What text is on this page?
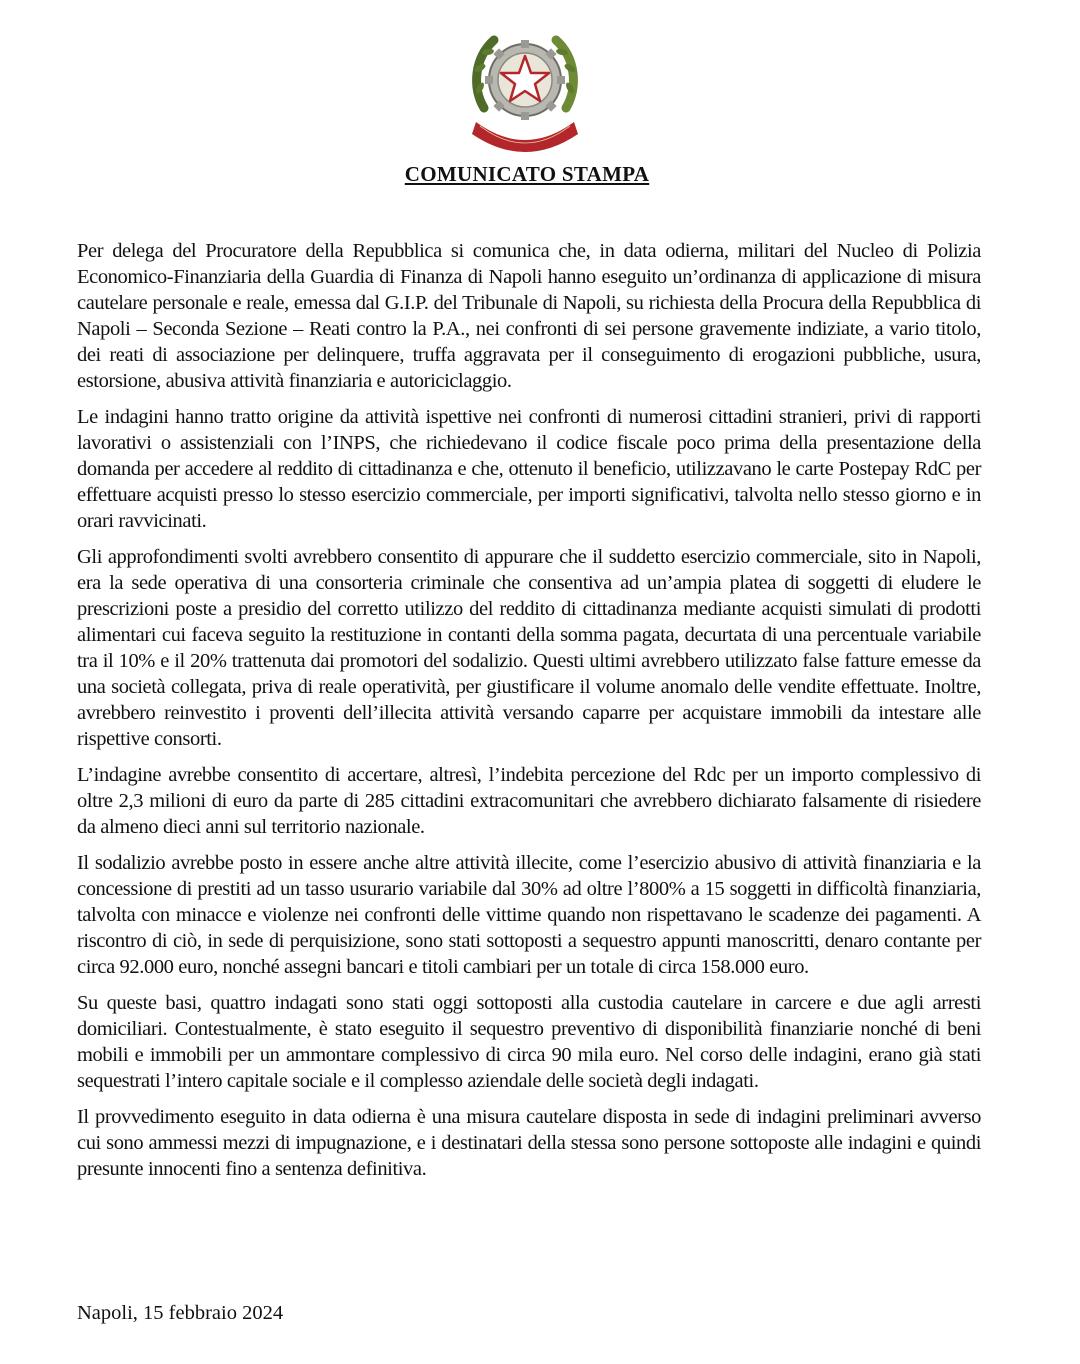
COMUNICATO STAMPA

Per delega del Procuratore della Repubblica si comunica che, in data odierna, militari del Nucleo di Polizia Economico-Finanziaria della Guardia di Finanza di Napoli hanno eseguito un’ordinanza di applicazione di misura cautelare personale e reale, emessa dal G.I.P. del Tribunale di Napoli, su richiesta della Procura della Repubblica di Napoli – Seconda Sezione – Reati contro la P.A., nei confronti di sei persone gravemente indiziate, a vario titolo, dei reati di associazione per delinquere, truffa aggravata per il conseguimento di erogazioni pubbliche, usura, estorsione, abusiva attività finanziaria e autoriciclaggio.

Le indagini hanno tratto origine da attività ispettive nei confronti di numerosi cittadini stranieri, privi di rapporti lavorativi o assistenziali con l’INPS, che richiedevano il codice fiscale poco prima della presentazione della domanda per accedere al reddito di cittadinanza e che, ottenuto il beneficio, utilizzavano le carte Postepay RdC per effettuare acquisti presso lo stesso esercizio commerciale, per importi significativi, talvolta nello stesso giorno e in orari ravvicinati.

Gli approfondimenti svolti avrebbero consentito di appurare che il suddetto esercizio commerciale, sito in Napoli, era la sede operativa di una consorteria criminale che consentiva ad un’ampia platea di soggetti di eludere le prescrizioni poste a presidio del corretto utilizzo del reddito di cittadinanza mediante acquisti simulati di prodotti alimentari cui faceva seguito la restituzione in contanti della somma pagata, decurtata di una percentuale variabile tra il 10% e il 20% trattenuta dai promotori del sodalizio. Questi ultimi avrebbero utilizzato false fatture emesse da una società collegata, priva di reale operatività, per giustificare il volume anomalo delle vendite effettuate. Inoltre, avrebbero reinvestito i proventi dell’illecita attività versando caparre per acquistare immobili da intestare alle rispettive consorti.

L’indagine avrebbe consentito di accertare, altresì, l’indebita percezione del Rdc per un importo complessivo di oltre 2,3 milioni di euro da parte di 285 cittadini extracomunitari che avrebbero dichiarato falsamente di risiedere da almeno dieci anni sul territorio nazionale.

Il sodalizio avrebbe posto in essere anche altre attività illecite, come l’esercizio abusivo di attività finanziaria e la concessione di prestiti ad un tasso usurario variabile dal 30% ad oltre l’800% a 15 soggetti in difficoltà finanziaria, talvolta con minacce e violenze nei confronti delle vittime quando non rispettavano le scadenze dei pagamenti. A riscontro di ciò, in sede di perquisizione, sono stati sottoposti a sequestro appunti manoscritti, denaro contante per circa 92.000 euro, nonché assegni bancari e titoli cambiari per un totale di circa 158.000 euro.

Su queste basi, quattro indagati sono stati oggi sottoposti alla custodia cautelare in carcere e due agli arresti domiciliari. Contestualmente, è stato eseguito il sequestro preventivo di disponibilità finanziarie nonché di beni mobili e immobili per un ammontare complessivo di circa 90 mila euro. Nel corso delle indagini, erano già stati sequestrati l’intero capitale sociale e il complesso aziendale delle società degli indagati.

Il provvedimento eseguito in data odierna è una misura cautelare disposta in sede di indagini preliminari avverso cui sono ammessi mezzi di impugnazione, e i destinatari della stessa sono persone sottoposte alle indagini e quindi presunte innocenti fino a sentenza definitiva.

Napoli, 15 febbraio 2024
